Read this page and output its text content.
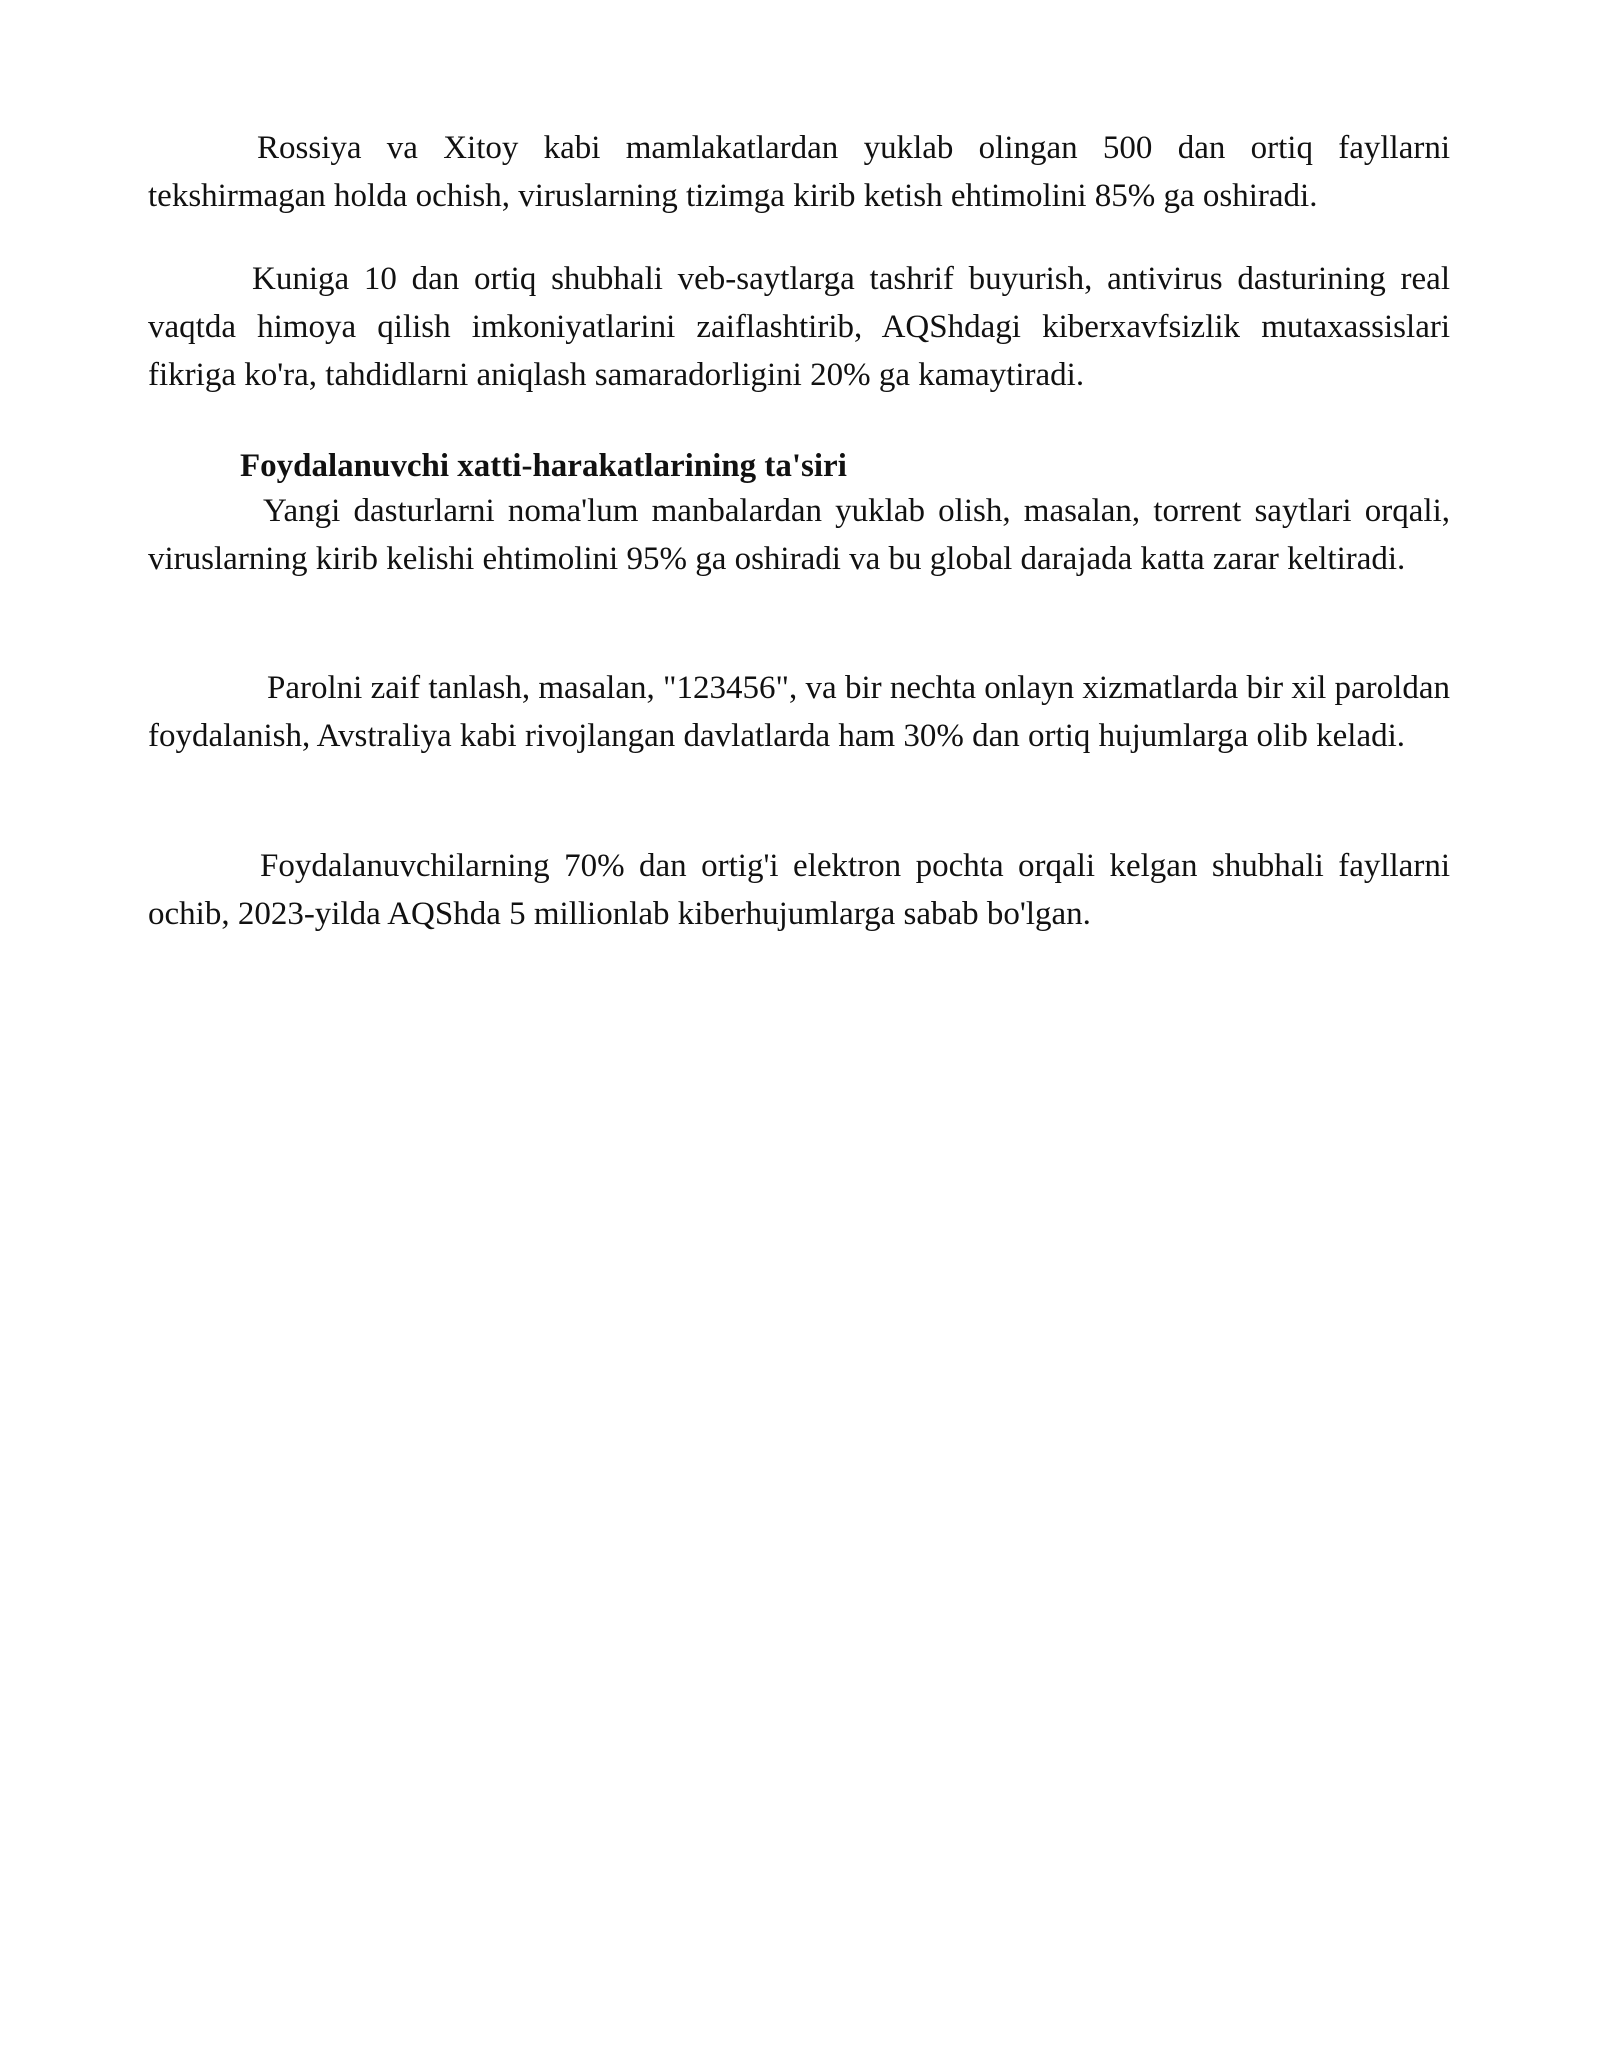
Rossiya va Xitoy kabi mamlakatlardan yuklab olingan 500 dan ortiq fayllarni tekshirmagan holda ochish, viruslarning tizimga kirib ketish ehtimolini 85% ga oshiradi.

Kuniga 10 dan ortiq shubhali veb-saytlarga tashrif buyurish, antivirus dasturining real vaqtda himoya qilish imkoniyatlarini zaiflashtirib, AQShdagi kiberxavfsizlik mutaxassislari fikriga ko'ra, tahdidlarni aniqlash samaradorligini 20% ga kamaytiradi.

Foydalanuvchi xatti-harakatlarining ta'siri

Yangi dasturlarni noma'lum manbalardan yuklab olish, masalan, torrent saytlari orqali, viruslarning kirib kelishi ehtimolini 95% ga oshiradi va bu global darajada katta zarar keltiradi.

Parolni zaif tanlash, masalan, "123456", va bir nechta onlayn xizmatlarda bir xil paroldan foydalanish, Avstraliya kabi rivojlangan davlatlarda ham 30% dan ortiq hujumlarga olib keladi.

Foydalanuvchilarning 70% dan ortig'i elektron pochta orqali kelgan shubhali fayllarni ochib, 2023-yilda AQShda 5 millionlab kiberhujumlarga sabab bo'lgan.
